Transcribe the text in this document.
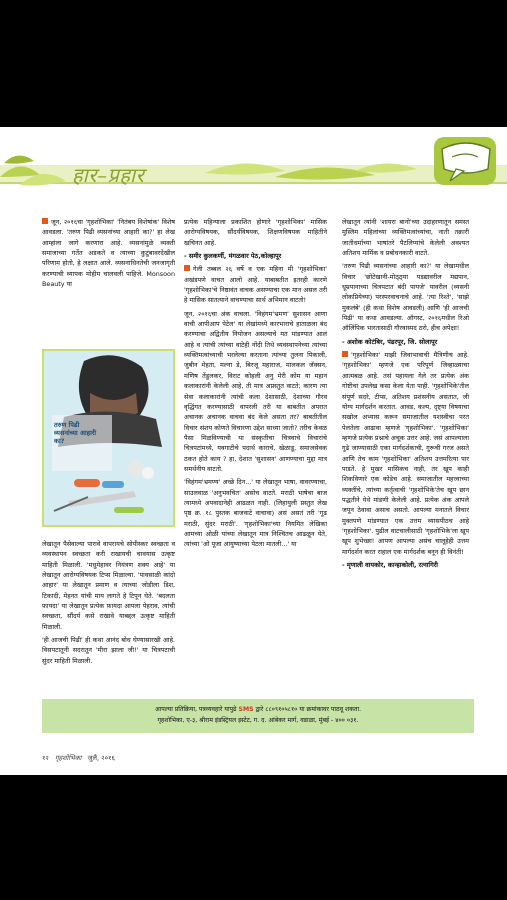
हार–प्रहार

जून, २०१६चा 'गृहशोभिका' 'नितंबय विशेषांक' विशेष आवडला. 'तरुण पिढी व्यसनांच्या आहारी का?' हा लेख आम्हांला जागे करणारा आहे. व्यसनांमुळे व्यक्ती समाजाच्या गर्तेत अडकते व त्याच्या कुटुंबावरदेखील परिणाम होतो, हे लक्षात आले. व्यसनाधिनतेची जनजागृती करण्याची व्यापक मोहीम चालवली पाहिजे. Monsoon Beauty या

तरुण पिढी व्यसनांच्या आहारी का?

लेखातून पैसेवाल्या पारावे वापरायचे सोयीस्कर स्वच्छता व व्यवस्थापन स्वच्छता करी राखायची चावयास उत्कृष्ट माहिती मिळाली. 'मधुमेहावर नियंत्रण शक्य आहे' या लेखातून आरोग्यविषयक टिप्स मिळाल्या. 'पावसाळी कांदो आहार' या लेखातून प्रमाण व त्याच्या जोडीला डिश, टिकादी, मेहनत यांची माय लागते हे टिपून घेते. 'बदलता फ़ायदा' या लेखातून प्रत्येक फ़ायदा आपला पेहराव, त्यांची स्वच्छता, सौंदर्य कसे राखावे याबद्दल उत्कृष्ट माहिती मिळाली.

'ही आजची पिढी' ही कथा आनंद बोध घेण्यासारखी आहे. विसपटातूनी सदरातून 'मीरा झाला जी!' या चित्रपटाची सुंदर माहिती मिळाली.

प्रत्येक महिन्याला प्रकाशित होणारे 'गृहशोभिका' मासिक आरोग्यविषयक, सौंदर्यविषयक, शिक्षणविषयक माहितीने खचिनत आहे.

- समीर कुलकर्णी, मंगळवार पेठ,कोल्हापूर

गेली तब्बल २६ वर्षे व एक महिना मी 'गृहशोभिका' अखंडपणे वाचत आलो आहे. याबाबतीत इतरही कारणे 'गृहशोभिका'चे निष्ठावंत वाचक असण्याचा एक मान असल तरी हे मासिक सातत्याने वाचण्याचा सार्थ अभिमान वाटतो!

जून, २०१६चा अंक वाचला. 'विहंगम'भ्रमण' सुशासन आणा वाची आपीआप पेटेल' या लेखांमध्ये कारभाराचे हाताळला बंद करण्याचा अद्वितीय नियोजन असल्याचे मत मांडण्यात आलं आहे व त्यांची त्यांच्या वाटेही नोंदी तिथे व्यवस्थापनेच्या त्यांच्या व्यक्तिमत्वांच्याची भरलेल्या करताना त्यांच्या तुलना पिकाली, जुबीन मेहता, मल्ना डे, बिरजू महाराज, मालकल जॅक्सन, मणिष तेंडुलकर, विराट कोहली अनु मेरी कोम या महान कलाकारांनी केलेली आहे, ती मात्र अप्रस्तुत वाटते; कारण त्या सेवा कलाकारांनी त्यांची कला देशासाठी, देशाच्या गौरव वृद्धिंगत करण्यासाठी वापरली तरी या बाबतीत अपरात अचानक अचानक वाचवा बंद केले असता तर? बाबतीतील विचार संशय कोणते विचारणा उद्देश साध्या जातो? तरीच केवळ पैसा मिळविण्याची या संस्कृतीचा चित्रवाचे विचारांचे चित्रपटांमध्ये, यवगाटीचे पदार्थ काराचे, खेळाडू, समाजसेवक ठकत होते काय ? हा, देशात 'सुशासन' आणण्याचा मुद्दा मात्र समर्थनीय वाटतो.

'विहंगम'भ्रमण्य' अच्छे दिन...' या लेखातून भाषा, वावरण्याचा, साउलवाळ 'अनुभवचित' असोच वाटते. मराठी भाषेचा बाज त्यामध्ये अपवादानेही आढळत नाही. (लिहायुली प्रस्तुत लेख पृष्ठ क्र. १८ पुस्तक बाजवाटे वाचावा) असं असतं तरी 'गूढ मराठी, सुंदर मराठी'. 'गृहशोभिका'च्या नियमित लेखिका आमच्या ओळी यांच्या लेखातून मात्र निश्चितच आढळून येते, त्यांच्या 'ओ पूजा आयुष्याच्या पेटला मातली...' या

लेखातून त्यांनी 'शायरा बानो'च्या उदाहरणातून समस्त मुस्लिम महिलांच्या व्यक्तिमत्वांच्यांचा, नाती तक्रारी जातीधर्माच्या भाषांतरे पैटलिप्यांचे केलेली अवश्यत अतिशय मार्मिक व प्रबोधनकारी वाटते.

'तरुण पिढी व्यसनांच्या आहारी का?' या लेखामधील विचार 'छोटेखानी-मोठ्ठ्या पडद्यावरील मद्यपान, धूम्रपानाच्या चित्रपटात बंदी पायजे' यावरील (व्यसनी लोकप्रियेच्या) परस्परवाचनाचे आहे. 'त्या रिश्ते', 'साझे मुकलंबे' (ही कथा विशेष आवडली) आणि 'ही आजची पिढी' या कथा आवडल्या. ऑगस्ट, २०१६मधील रिओ ऑलिंपिक भारतासाठी गौरवास्पद ठरो, हीच अपेक्षा!

- अशोक कोटंबिर, पंढरपूर, जि. सोलापूर

'गृहशोभिका' माझी जिवाभावाची मैत्रिणीच आहे. 'गृहशोभिका' म्हणजे एक परिपूर्ण जिव्हाळ्याचा आत्मबळ आहे. तसं पहायला गेले तर प्रत्येक अंक गोष्टीचा उपलेख कसा केला येता पाही. 'गृहशोभिके'तील संपूर्ण सदरे, टीप्स, अतिशय प्रशंसनीय असतात, जी योग्य मार्गदर्शन करतात. आवड, कल्प, दृष्ट्या विषयाचा सखोल अभ्यास करून समाजातील यशस्वीचा परत पेलतेला आढावा म्हणजे 'गृहशोभिका'. 'गृहशोभिका' म्हणजे प्रत्येक प्रश्नाचे अचूक उत्तर आहे. जसं आपल्याला गुढे जाण्यासाठी एका मार्गदर्शकाची, गुरूची गरज असते आणि तेच काम 'गृहशोभिका' अतिशय उत्तमरित्या पार पाडते. हे मुखर मासिकच नाही, तर खूप काही शिकविणारे एक कोडेच आहे. समाजातील महत्त्वाच्या व्यक्तींचे, त्यांच्या कर्तृत्वाची 'गृहशोभिके'तेच खूप छान पद्धतीने येथे मांडणी केलेली आहे. प्रत्येक अंक आपले जपून ठेवावा असाच असतो. आपल्या मनातले विचार मुक्तपणे मांडण्यात एक उत्तम व्यासपीठच आहे 'गृहशोभिका'. पुढील वाटचालीसाठी 'गृहशोभिके'ला खूप खूप शुभेच्छा! आपण आपल्या असंच चालूहेही उत्तम मार्गदर्शन करत राहाल एक मार्गदर्शक बनून ही विनंती!

- मृणाली वायकोर, कान्हाकोली, रत्नागिरी

आपल्या प्रतिक्रिया, पत्रव्यवहारे यापुढे SMS द्वारे ८८०९१०५८१० या क्रमांकावर पाठवू शकता.

गृहशोभिका, ए-३, श्रीराम इंडस्ट्रियल इस्टेट, ग. द. आंबेकर मार्ग, वडाळा, मुंबई - ४०० ०३१.

१२ गृहशोभिका जुलै, २०१६
